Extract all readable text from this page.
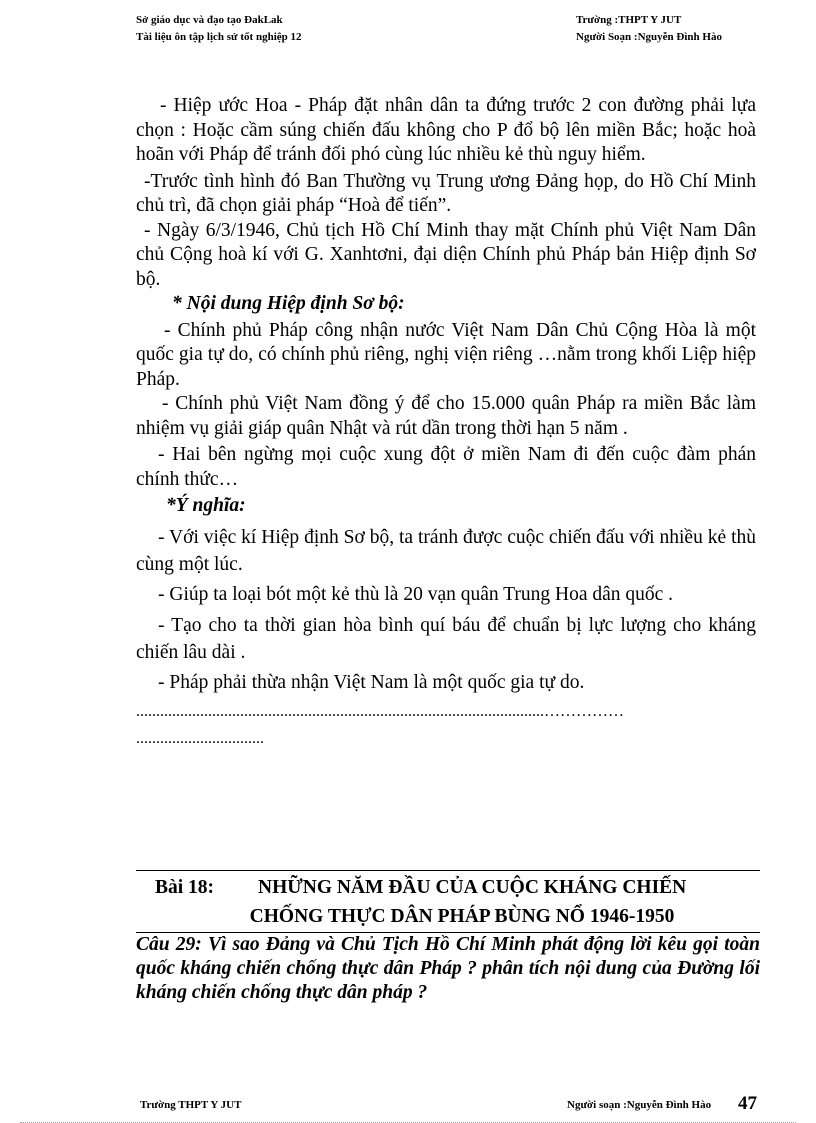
Sở giáo dục và đạo tạo ĐakLak
Tài liệu ôn tập lịch sử tốt nghiệp 12
Trường :THPT Y JUT
Người Soạn :Nguyễn Đình Hào

- Hiệp ước Hoa - Pháp đặt nhân dân ta đứng trước 2 con đường phải lựa chọn : Hoặc cầm súng chiến đấu không cho P đổ bộ lên miền Bắc; hoặc hoà hoãn với Pháp để tránh đối phó cùng lúc nhiều kẻ thù nguy hiểm.

-Trước tình hình đó Ban Thường vụ Trung ương Đảng họp, do Hồ Chí Minh chủ trì, đã chọn giải pháp “Hoà để tiến”.

- Ngày 6/3/1946, Chủ tịch Hồ Chí Minh thay mặt Chính phủ Việt Nam Dân chủ Cộng hoà kí với G. Xanhtơni, đại diện Chính phủ Pháp bản Hiệp định Sơ bộ.

* Nội dung Hiệp định Sơ bộ:

- Chính phủ Pháp công nhận nước Việt Nam Dân Chủ Cộng Hòa là một quốc gia tự do, có chính phủ riêng, nghị viện riêng …nằm trong khối Liệp hiệp Pháp.

- Chính phủ Việt Nam đồng ý để cho 15.000 quân Pháp ra miền Bắc làm nhiệm vụ giải giáp quân Nhật và rút dần trong thời hạn 5 năm .

- Hai bên ngừng mọi cuộc xung đột ở miền Nam đi đến cuộc đàm phán chính thức…

*Ý nghĩa:

- Với việc kí Hiệp định Sơ bộ, ta tránh được cuộc chiến đấu với nhiều kẻ thù cùng một lúc.

- Giúp ta loại bót một kẻ thù là 20 vạn quân Trung Hoa dân quốc .

- Tạo cho ta thời gian hòa bình quí báu để chuẩn bị lực lượng cho kháng chiến lâu dài .

- Pháp phải thừa nhận Việt Nam là một quốc gia tự do.

......................................................................................................……………

................................

Bài 18: NHỮNG NĂM ĐẦU CỦA CUỘC KHÁNG CHIẾN
CHỐNG THỰC DÂN PHÁP BÙNG NỔ 1946-1950
Câu 29: Vì sao Đảng và Chủ Tịch Hồ Chí Minh phát động lời kêu gọi toàn quốc kháng chiến chống thực dân Pháp ? phân tích nội dung của Đường lối kháng chiến chống thực dân pháp ?
Trường THPT Y JUT	Người soạn :Nguyễn Đình Hào 47
